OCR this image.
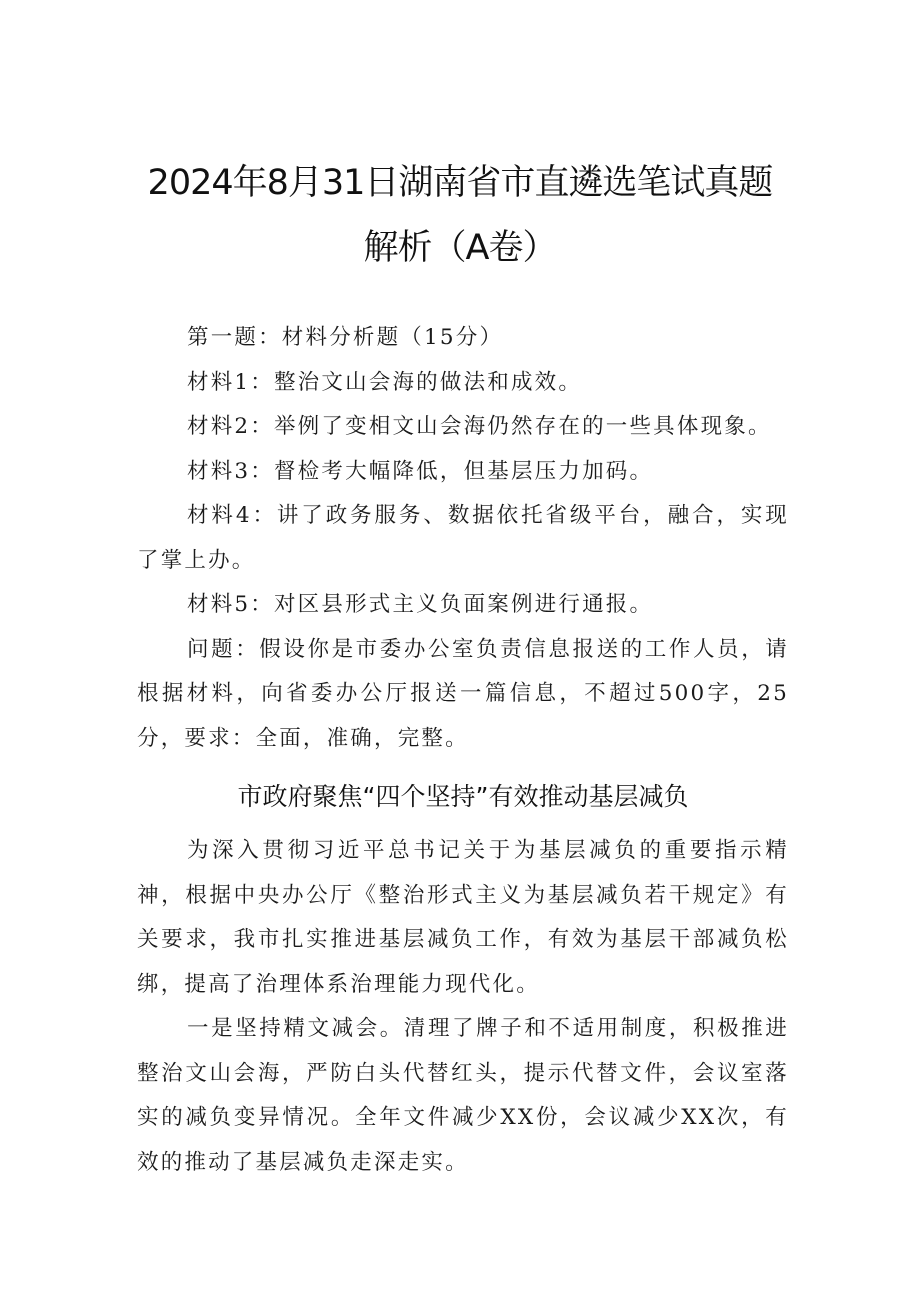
2024年8月31日湖南省市直遴选笔试真题
解析（A卷）

第一题：材料分析题（15分）

材料1：整治文山会海的做法和成效。

材料2：举例了变相文山会海仍然存在的一些具体现象。

材料3：督检考大幅降低，但基层压力加码。

材料4：讲了政务服务、数据依托省级平台，融合，实现了掌上办。

材料5：对区县形式主义负面案例进行通报。

问题：假设你是市委办公室负责信息报送的工作人员，请根据材料，向省委办公厅报送一篇信息，不超过500字，25分，要求：全面，准确，完整。

市政府聚焦“四个坚持”有效推动基层减负

为深入贯彻习近平总书记关于为基层减负的重要指示精神，根据中央办公厅《整治形式主义为基层减负若干规定》有关要求，我市扎实推进基层减负工作，有效为基层干部减负松绑，提高了治理体系治理能力现代化。

一是坚持精文减会。清理了牌子和不适用制度，积极推进整治文山会海，严防白头代替红头，提示代替文件，会议室落实的减负变异情况。全年文件减少XX份，会议减少XX次，有效的推动了基层减负走深走实。
